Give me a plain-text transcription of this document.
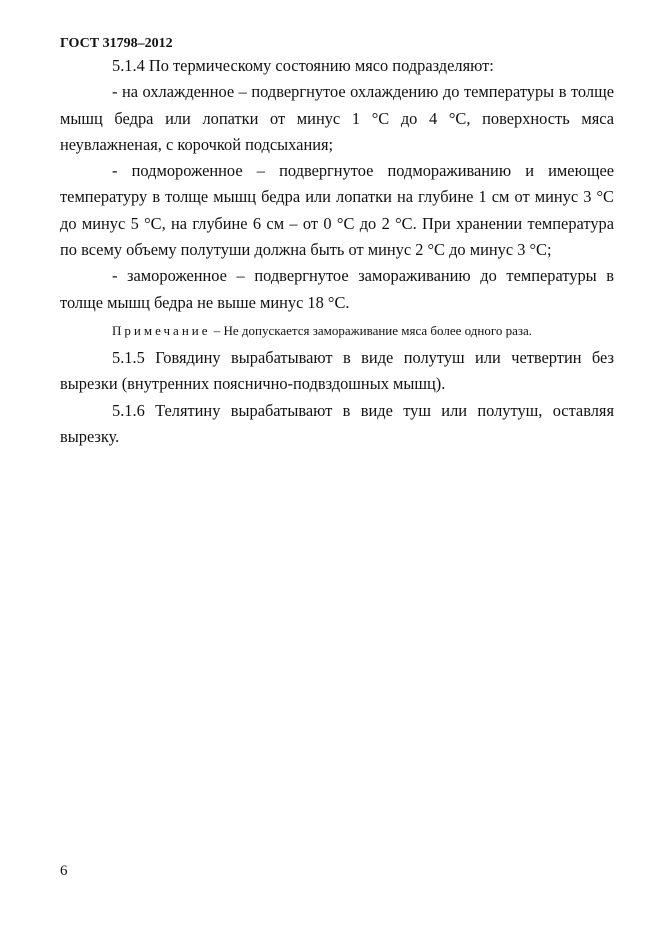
ГОСТ 31798–2012

5.1.4 По термическому состоянию мясо подразделяют:

- на охлажденное – подвергнутое охлаждению до температуры в толще мышц бедра или лопатки от минус 1 °С до 4 °С, поверхность мяса неувлажненая, с корочкой подсыхания;

- подмороженное – подвергнутое подмораживанию и имеющее температуру в толще мышц бедра или лопатки на глубине 1 см от минус 3 °С до минус 5 °С, на глубине 6 см – от 0 °С до 2 °С. При хранении температура по всему объему полутуши должна быть от минус 2 °С до минус 3 °С;

- замороженное – подвергнутое замораживанию до температуры в толще мышц бедра не выше минус 18 °С.

Примечание – Не допускается замораживание мяса более одного раза.

5.1.5 Говядину вырабатывают в виде полутуш или четвертин без вырезки (внутренних пояснично-подвздошных мышц).

5.1.6 Телятину вырабатывают в виде туш или полутуш, оставляя вырезку.

6
